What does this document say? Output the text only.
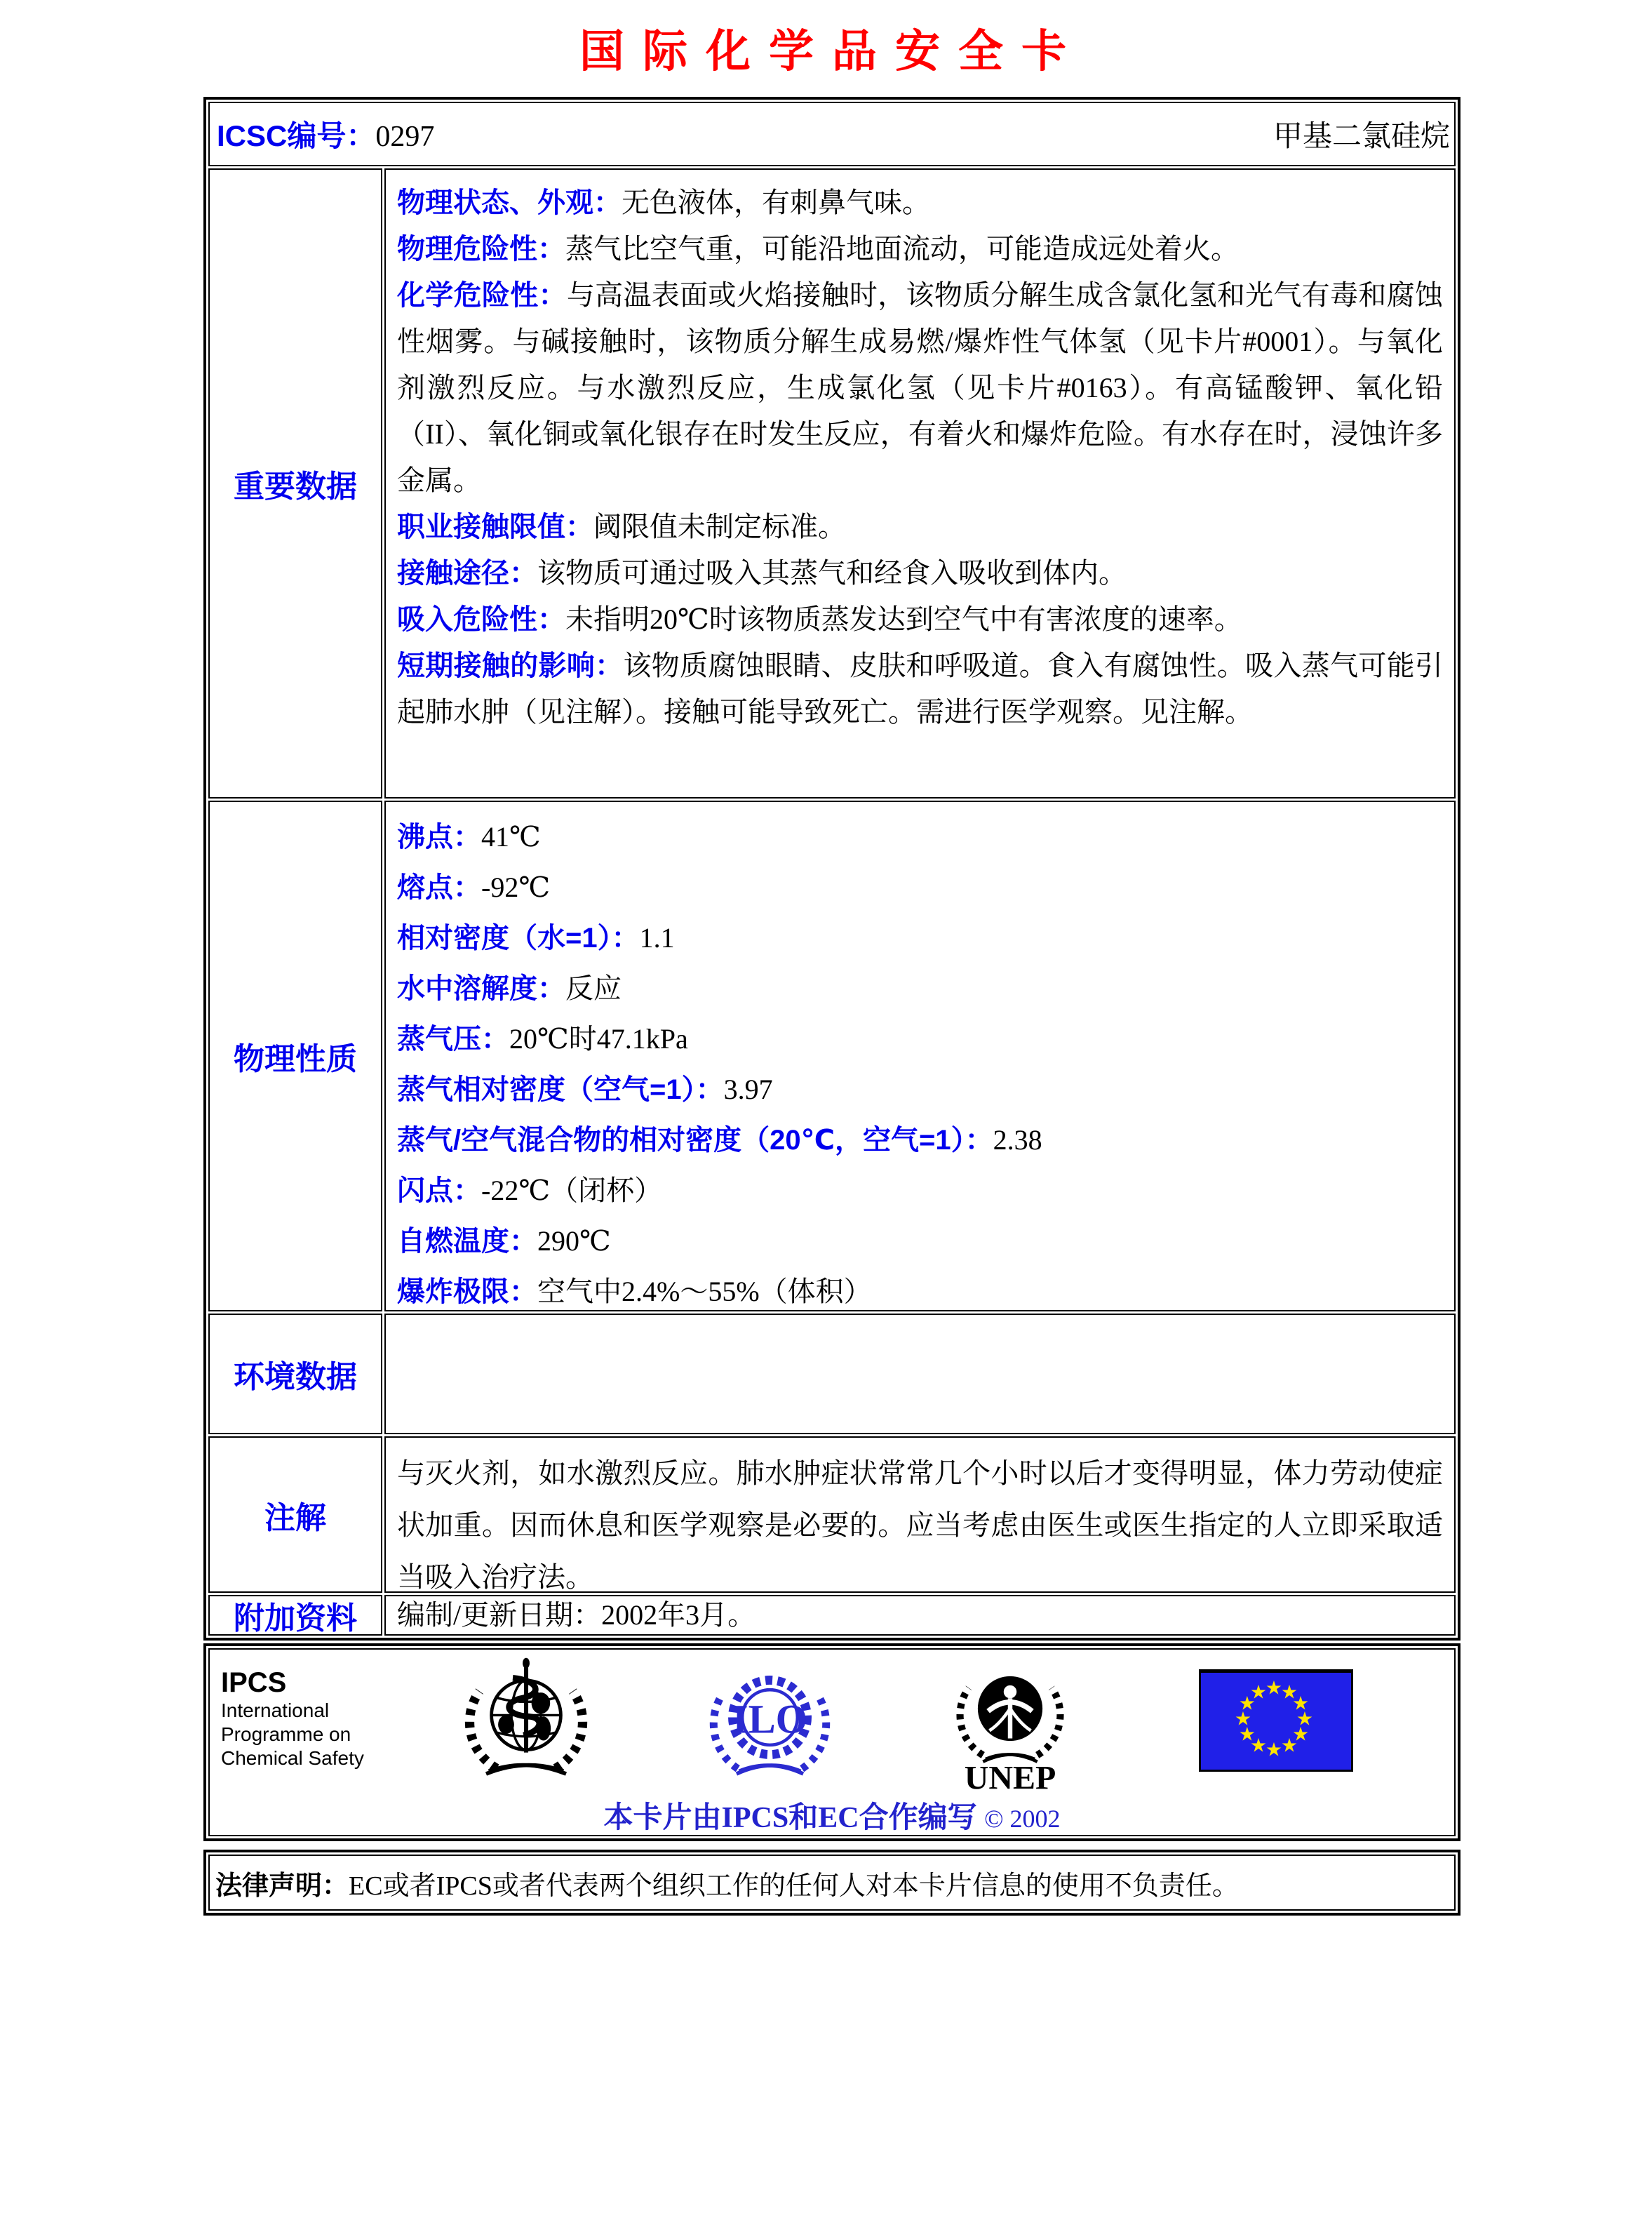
国际化学品安全卡
ICSC编号：0297	甲基二氯硅烷
重要数据

物理状态、外观：无色液体，有刺鼻气味。

物理危险性：蒸气比空气重，可能沿地面流动，可能造成远处着火。

化学危险性：与高温表面或火焰接触时，该物质分解生成含氯化氢和光气有毒和腐蚀性烟雾。与碱接触时，该物质分解生成易燃/爆炸性气体氢（见卡片#0001）。与氧化剂激烈反应。与水激烈反应，生成氯化氢（见卡片#0163）。有高锰酸钾、氧化铅（II）、氧化铜或氧化银存在时发生反应，有着火和爆炸危险。有水存在时，浸蚀许多金属。

职业接触限值：阈限值未制定标准。

接触途径：该物质可通过吸入其蒸气和经食入吸收到体内。

吸入危险性：未指明20℃时该物质蒸发达到空气中有害浓度的速率。

短期接触的影响：该物质腐蚀眼睛、皮肤和呼吸道。食入有腐蚀性。吸入蒸气可能引起肺水肿（见注解）。接触可能导致死亡。需进行医学观察。见注解。

物理性质
沸点：41℃
熔点：-92℃
相对密度（水=1）：1.1
水中溶解度：反应
蒸气压：20℃时47.1kPa
蒸气相对密度（空气=1）：3.97
蒸气/空气混合物的相对密度（20℃，空气=1）：2.38
闪点：-22℃（闭杯）
自燃温度：290℃
爆炸极限：空气中2.4%～55%（体积）
环境数据
注解

与灭火剂，如水激烈反应。肺水肿症状常常几个小时以后才变得明显，体力劳动使症状加重。因而休息和医学观察是必要的。应当考虑由医生或医生指定的人立即采取适当吸入治疗法。

附加资料	编制/更新日期：2002年3月。
IPCS
International
Programme on
Chemical Safety
ILO
UNEP
★
★
★
★
★
★
★
★
★
★
★
★
本卡片由IPCS和EC合作编写 © 2002
法律声明： EC或者IPCS或者代表两个组织工作的任何人对本卡片信息的使用不负责任。
